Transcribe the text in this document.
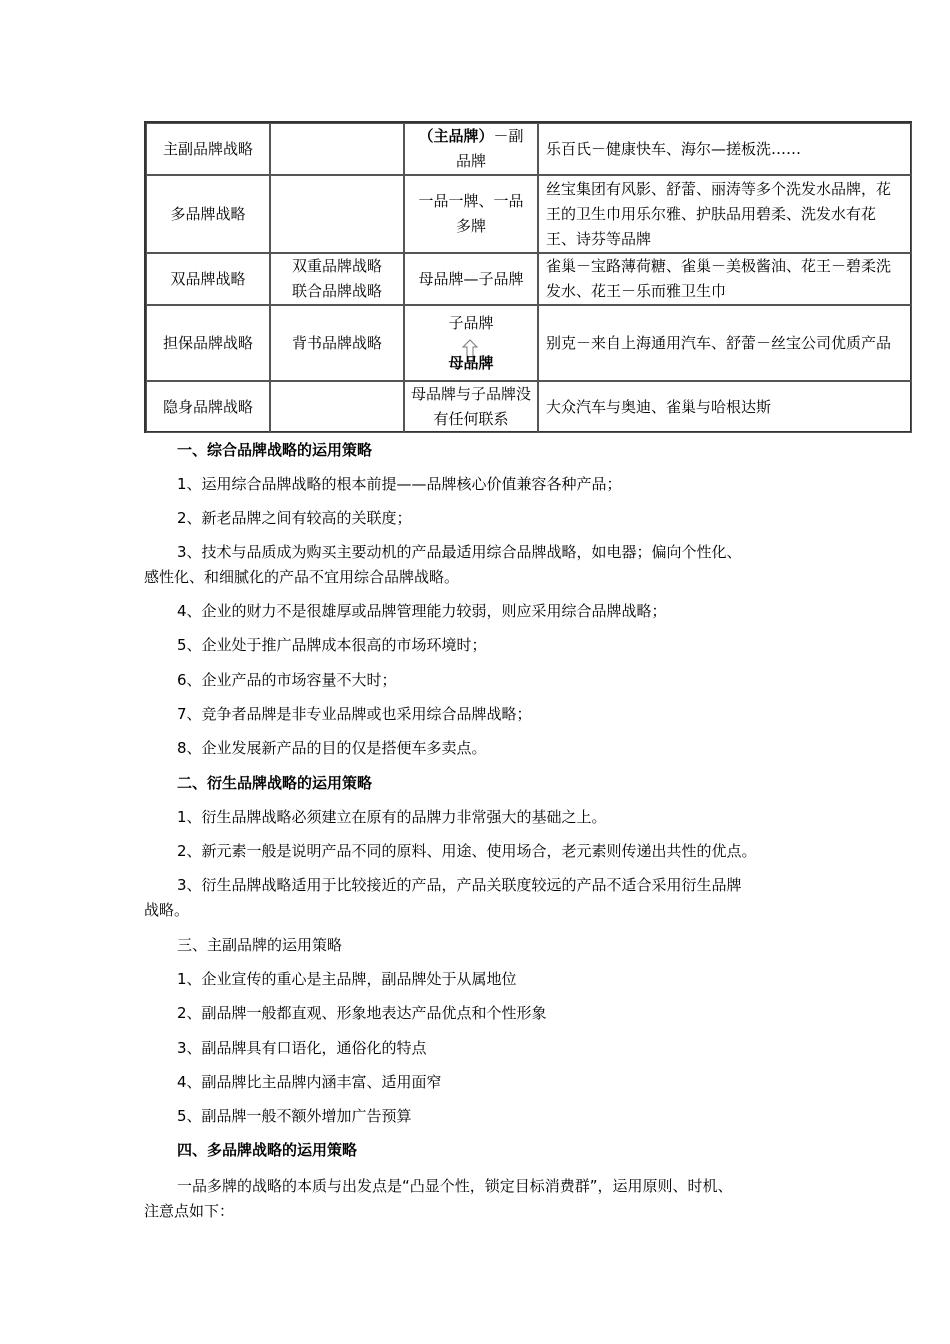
主副品牌战略
（主品牌）－副品牌
乐百氏－健康快车、海尔—搓板洗……
多品牌战略
一品一牌、一品多牌
丝宝集团有风影、舒蕾、丽涛等多个洗发水品牌，花王的卫生巾用乐尔雅、护肤品用碧柔、洗发水有花王、诗芬等品牌
双品牌战略
双重品牌战略
联合品牌战略
母品牌—子品牌
雀巢－宝路薄荷糖、雀巢－美极酱油、花王－碧柔洗发水、花王－乐而雅卫生巾
担保品牌战略	背书品牌战略
子品牌
母品牌
别克－来自上海通用汽车、舒蕾－丝宝公司优质产品
隐身品牌战略
母品牌与子品牌没有任何联系
大众汽车与奥迪、雀巢与哈根达斯
一、综合品牌战略的运用策略
1、运用综合品牌战略的根本前提——品牌核心价值兼容各种产品；
2、新老品牌之间有较高的关联度；
3、技术与品质成为购买主要动机的产品最适用综合品牌战略，如电器；偏向个性化、
感性化、和细腻化的产品不宜用综合品牌战略。
4、企业的财力不是很雄厚或品牌管理能力较弱，则应采用综合品牌战略；
5、企业处于推广品牌成本很高的市场环境时；
6、企业产品的市场容量不大时；
7、竞争者品牌是非专业品牌或也采用综合品牌战略；
8、企业发展新产品的目的仅是搭便车多卖点。
二、衍生品牌战略的运用策略
1、衍生品牌战略必须建立在原有的品牌力非常强大的基础之上。
2、新元素一般是说明产品不同的原料、用途、使用场合，老元素则传递出共性的优点。
3、衍生品牌战略适用于比较接近的产品，产品关联度较远的产品不适合采用衍生品牌
战略。
三、主副品牌的运用策略
1、企业宣传的重心是主品牌，副品牌处于从属地位
2、副品牌一般都直观、形象地表达产品优点和个性形象
3、副品牌具有口语化，通俗化的特点
4、副品牌比主品牌内涵丰富、适用面窄
5、副品牌一般不额外增加广告预算
四、多品牌战略的运用策略
一品多牌的战略的本质与出发点是“凸显个性，锁定目标消费群”，运用原则、时机、
注意点如下：
